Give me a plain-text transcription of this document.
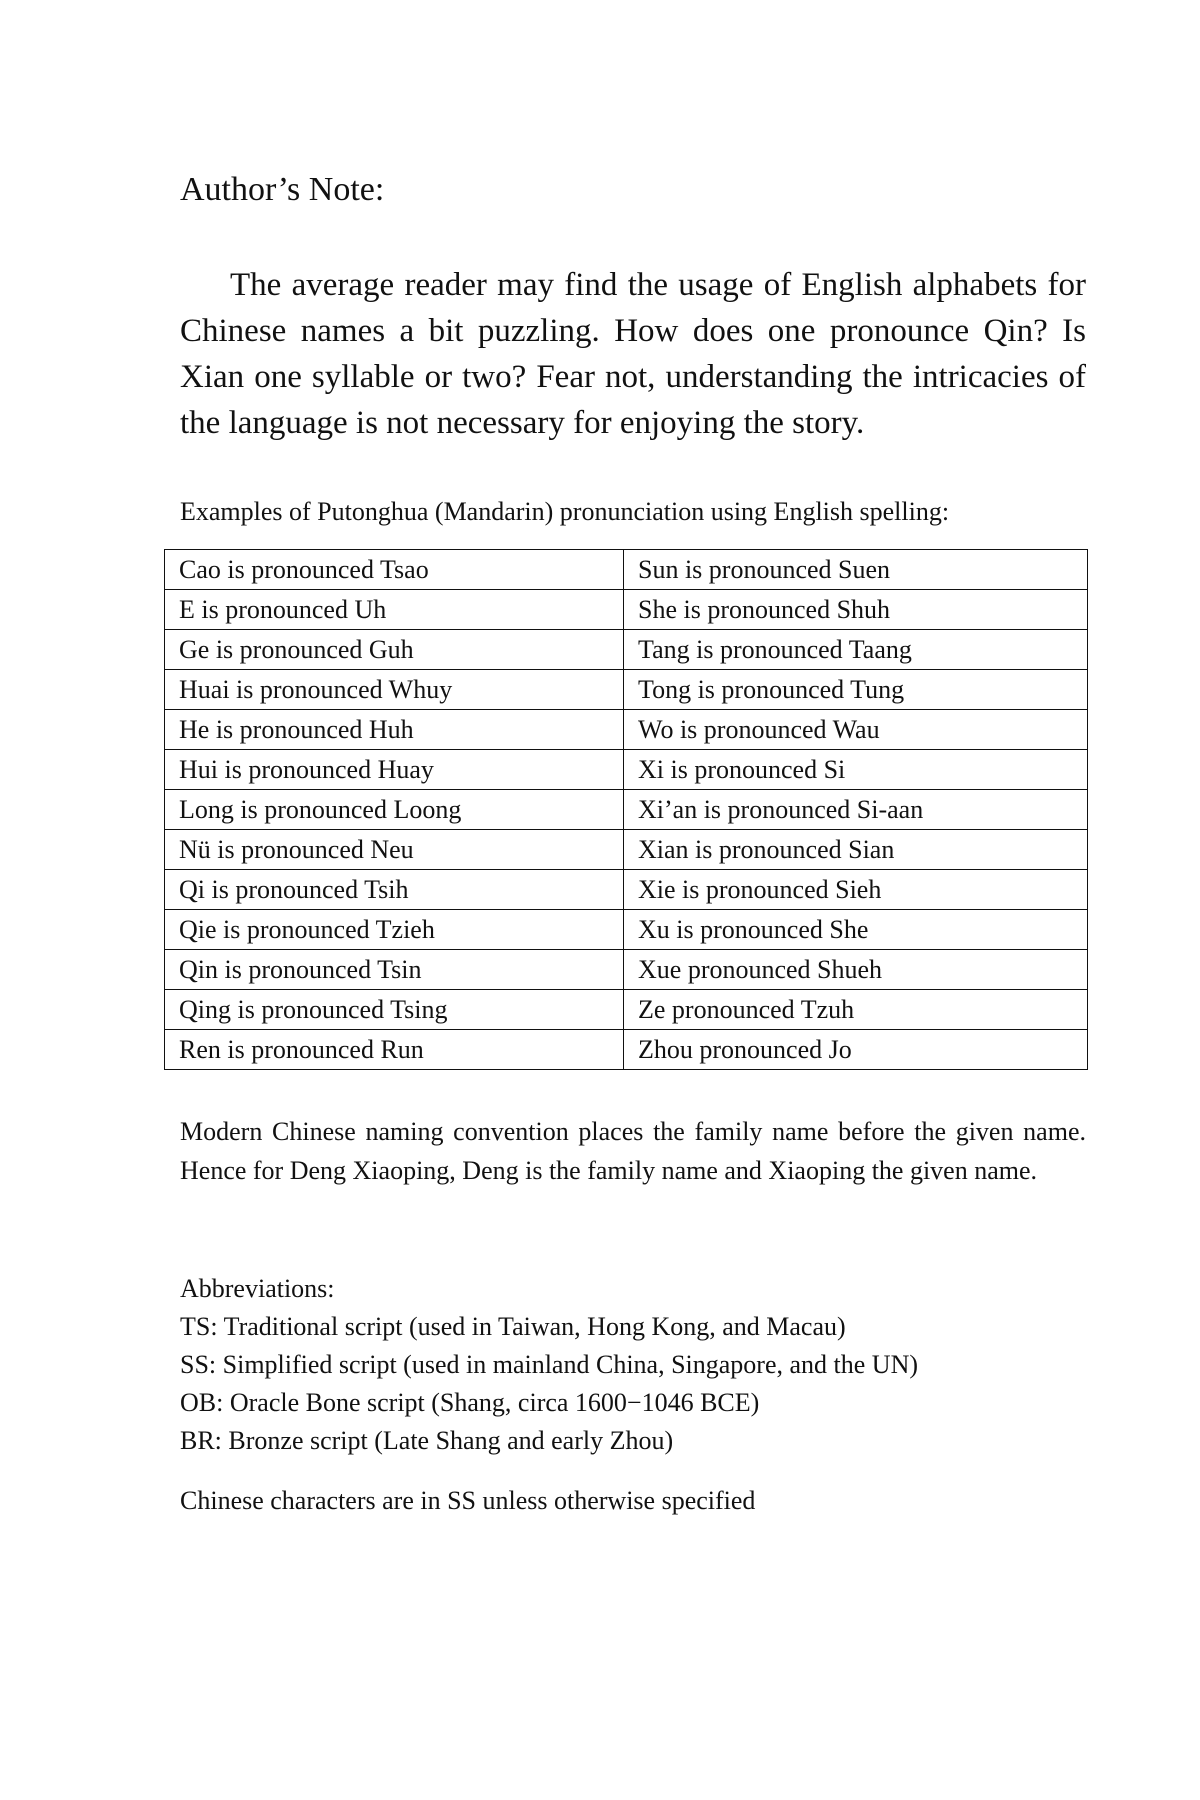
Author’s Note:

The average reader may find the usage of English alphabets for Chinese names a bit puzzling. How does one pronounce Qin? Is Xian one syllable or two? Fear not, understanding the intricacies of the language is not necessary for enjoying the story.

Examples of Putonghua (Mandarin) pronunciation using English spelling:

Cao is pronounced Tsao	Sun is pronounced Suen
E is pronounced Uh	She is pronounced Shuh
Ge is pronounced Guh	Tang is pronounced Taang
Huai is pronounced Whuy	Tong is pronounced Tung
He is pronounced Huh	Wo is pronounced Wau
Hui is pronounced Huay	Xi is pronounced Si
Long is pronounced Loong	Xi’an is pronounced Si-aan
Nü is pronounced Neu	Xian is pronounced Sian
Qi is pronounced Tsih	Xie is pronounced Sieh
Qie is pronounced Tzieh	Xu is pronounced She
Qin is pronounced Tsin	Xue pronounced Shueh
Qing is pronounced Tsing	Ze pronounced Tzuh
Ren is pronounced Run	Zhou pronounced Jo

Modern Chinese naming convention places the family name before the given name. Hence for Deng Xiaoping, Deng is the family name and Xiaoping the given name.

Abbreviations:
TS: Traditional script (used in Taiwan, Hong Kong, and Macau)
SS: Simplified script (used in mainland China, Singapore, and the UN)
OB: Oracle Bone script (Shang, circa 1600−1046 BCE)
BR: Bronze script (Late Shang and early Zhou)

Chinese characters are in SS unless otherwise specified
